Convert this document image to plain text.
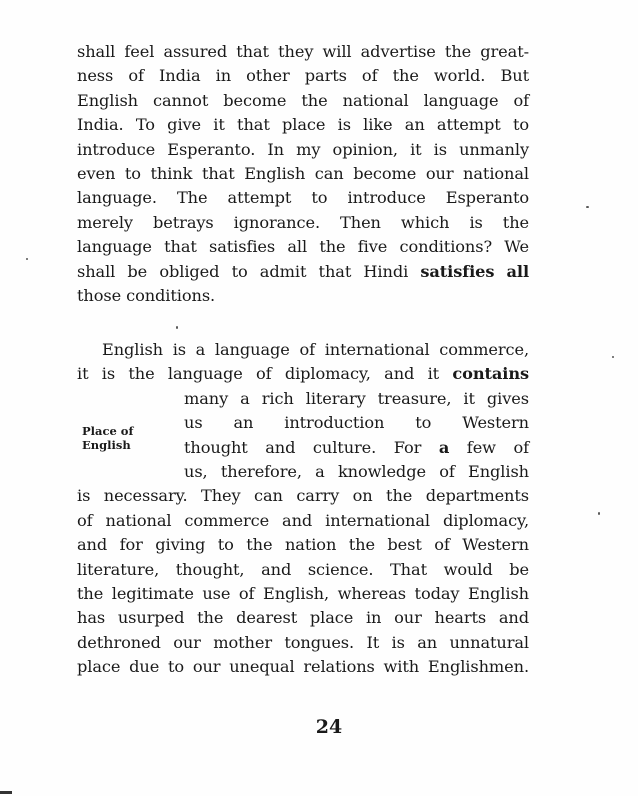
shall feel assured that they will advertise the great-
ness of India in other parts of the world. But
English cannot become the national language of
India. To give it that place is like an attempt to
introduce Esperanto. In my opinion, it is unmanly
even to think that English can become our national
language. The attempt to introduce Esperanto
merely betrays ignorance. Then which is the
language that satisfies all the five conditions? We
shall be obliged to admit that Hindi satisfies all
those conditions.
English is a language of international commerce,
it is the language of diplomacy, and it contains
many a rich literary treasure, it gives
us an introduction to Western
thought and culture. For a few of
us, therefore, a knowledge of English
is necessary. They can carry on the departments
of national commerce and international diplomacy,
and for giving to the nation the best of Western
literature, thought, and science. That would be
the legitimate use of English, whereas today English
has usurped the dearest place in our hearts and
dethroned our mother tongues. It is an unnatural
place due to our unequal relations with Englishmen.
Place of
English
24
